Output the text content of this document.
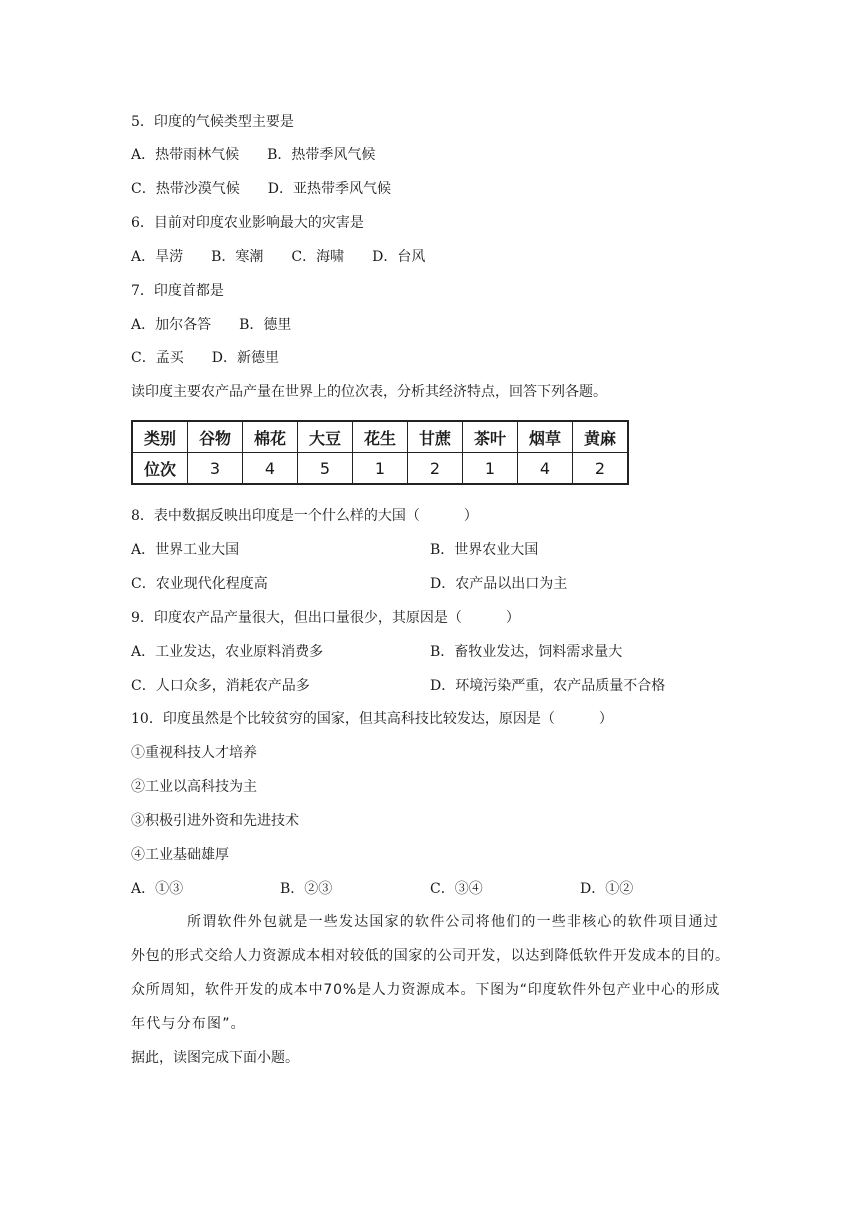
5．印度的气候类型主要是
A．热带雨林气候 B．热带季风气候
C．热带沙漠气候 D．亚热带季风气候
6．目前对印度农业影响最大的灾害是
A．旱涝 B．寒潮 C．海啸 D．台风
7．印度首都是
A．加尔各答 B．德里
C．孟买 D．新德里
读印度主要农产品产量在世界上的位次表，分析其经济特点，回答下列各题。
类别	谷物	棉花	大豆	花生	甘蔗	茶叶	烟草	黄麻
位次	3	4	5	1	2	1	4	2
8．表中数据反映出印度是一个什么样的大国（	）
A．世界工业大国	B．世界农业大国
C．农业现代化程度高	D．农产品以出口为主
9．印度农产品产量很大，但出口量很少，其原因是（	）
A．工业发达，农业原料消费多	B．畜牧业发达，饲料需求量大
C．人口众多，消耗农产品多	D．环境污染严重，农产品质量不合格
10．印度虽然是个比较贫穷的国家，但其高科技比较发达，原因是（	）
①重视科技人才培养
②工业以高科技为主
③积极引进外资和先进技术
④工业基础雄厚
A．①③	B．②③	C．③④	D．①②
所谓软件外包就是一些发达国家的软件公司将他们的一些非核心的软件项目通过
外包的形式交给人力资源成本相对较低的国家的公司开发，以达到降低软件开发成本的目的。
众所周知，软件开发的成本中70%是人力资源成本。下图为“印度软件外包产业中心的形成
年代与分布图”。
据此，读图完成下面小题。
